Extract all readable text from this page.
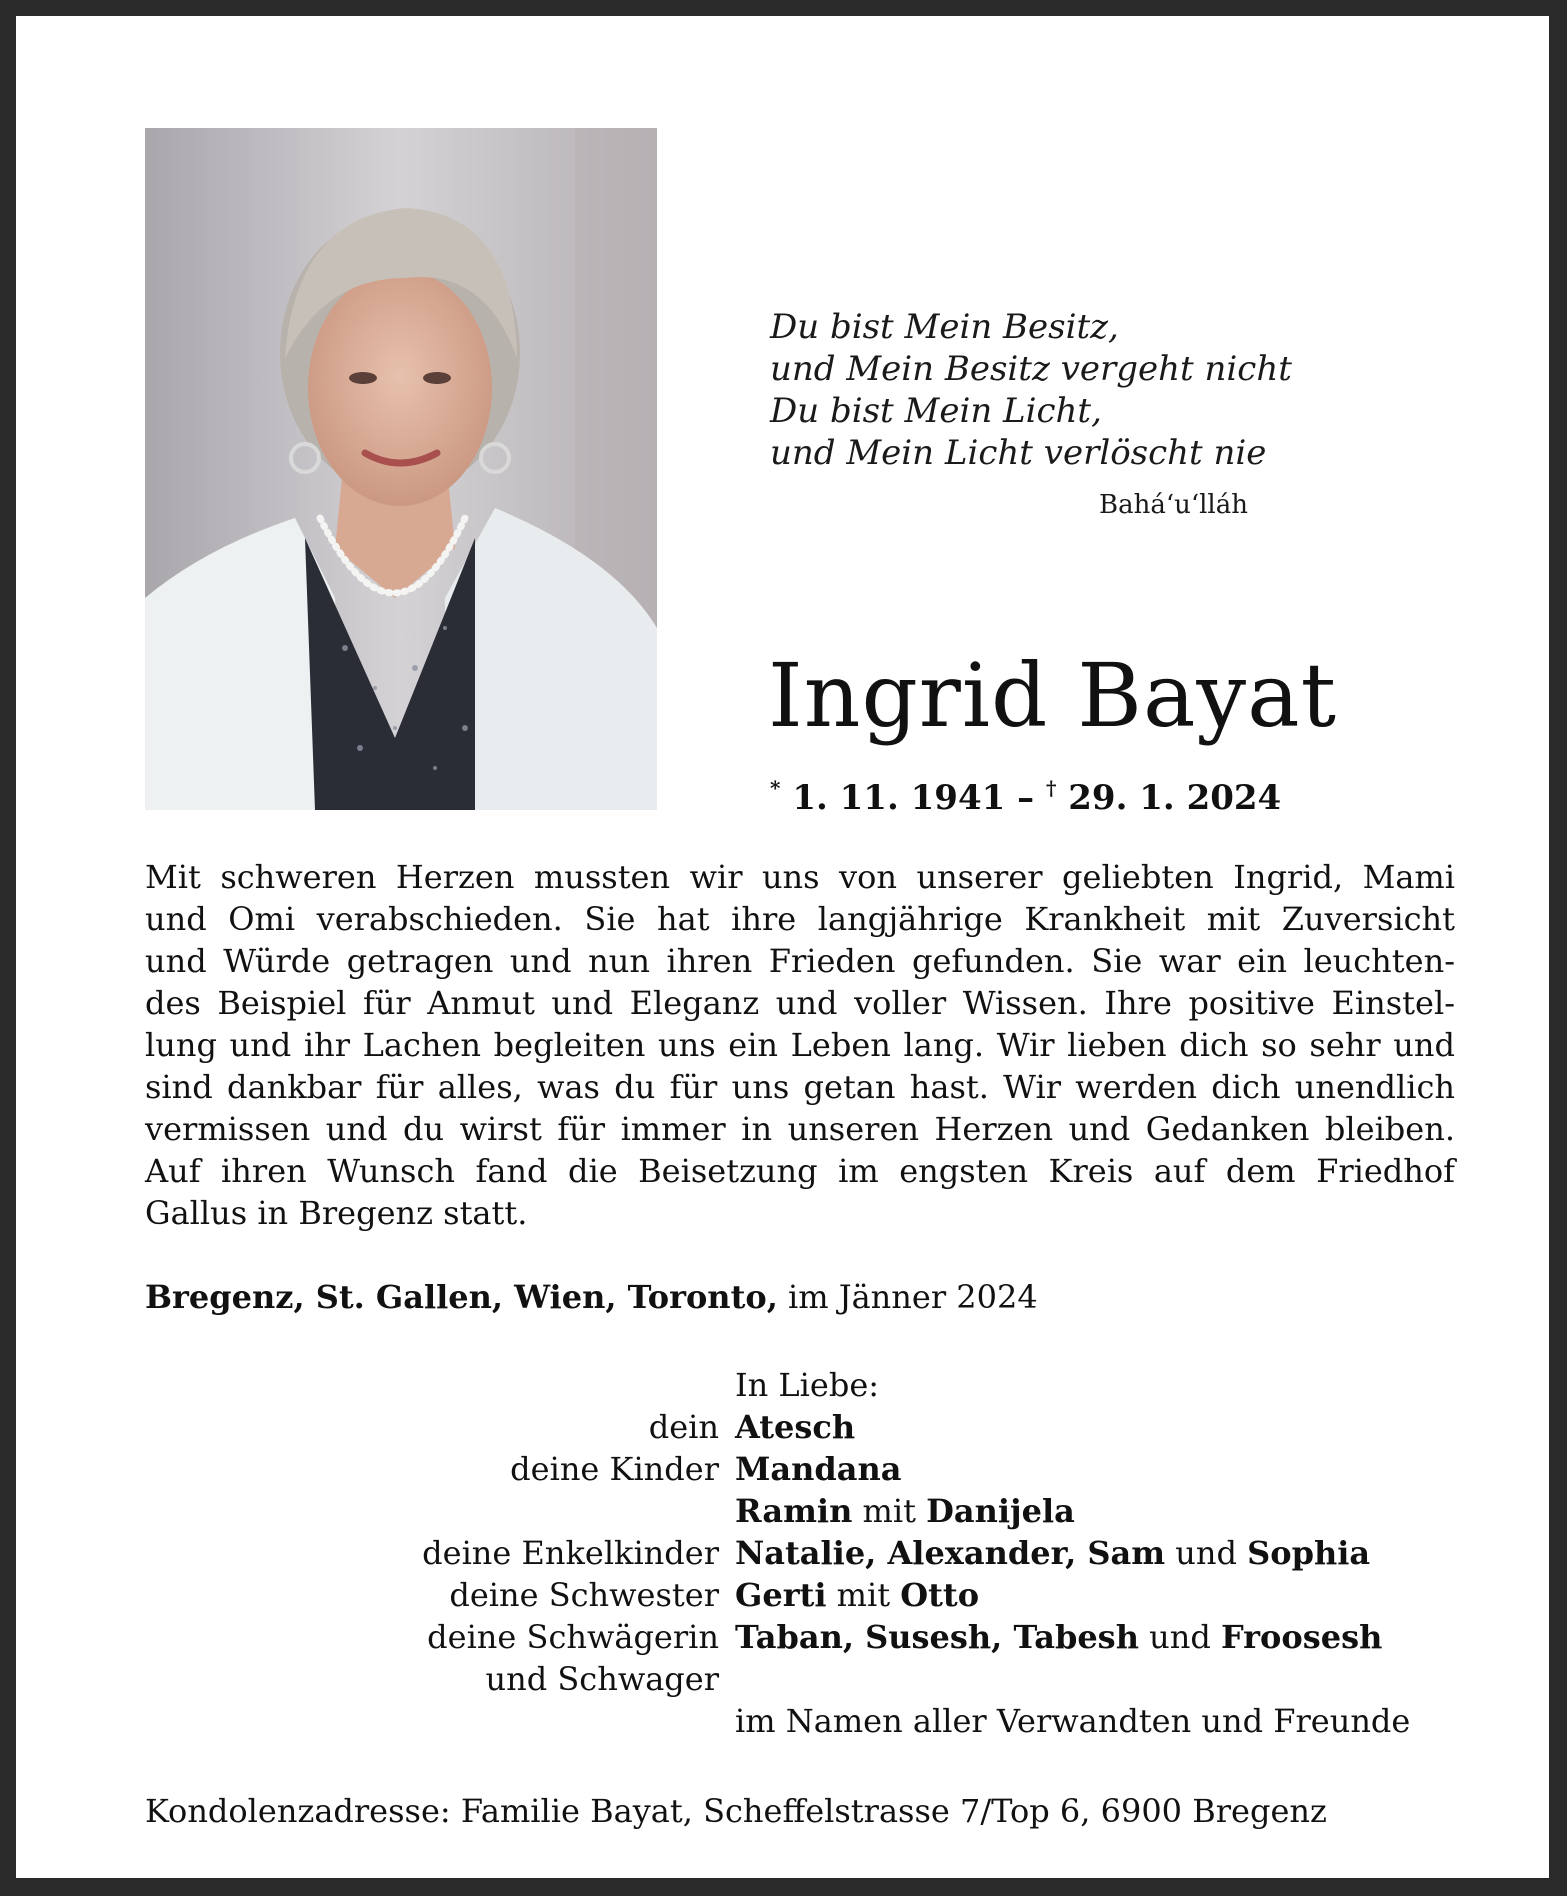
Du bist Mein Besitz,
und Mein Besitz vergeht nicht
Du bist Mein Licht,
und Mein Licht verlöscht nie
Bahá‘u‘lláh
Ingrid Bayat
* 1. 11. 1941 – † 29. 1. 2024
Mit schweren Herzen mussten wir uns von unserer geliebten Ingrid, Mami
und Omi verabschieden. Sie hat ihre langjährige Krankheit mit Zuversicht
und Würde getragen und nun ihren Frieden gefunden. Sie war ein leuchten-
des Beispiel für Anmut und Eleganz und voller Wissen. Ihre positive Einstel-
lung und ihr Lachen begleiten uns ein Leben lang. Wir lieben dich so sehr und
sind dankbar für alles, was du für uns getan hast. Wir werden dich unendlich
vermissen und du wirst für immer in unseren Herzen und Gedanken bleiben.
Auf ihren Wunsch fand die Beisetzung im engsten Kreis auf dem Friedhof
Gallus in Bregenz statt.
Bregenz, St. Gallen, Wien, Toronto, im Jänner 2024
In Liebe:
dein Atesch
deine Kinder Mandana
Ramin mit Danijela
deine Enkelkinder Natalie, Alexander, Sam und Sophia
deine Schwester Gerti mit Otto
deine Schwägerin Taban, Susesh, Tabesh und Froosesh
und Schwager
im Namen aller Verwandten und Freunde
Kondolenzadresse: Familie Bayat, Scheffelstrasse 7/Top 6, 6900 Bregenz
